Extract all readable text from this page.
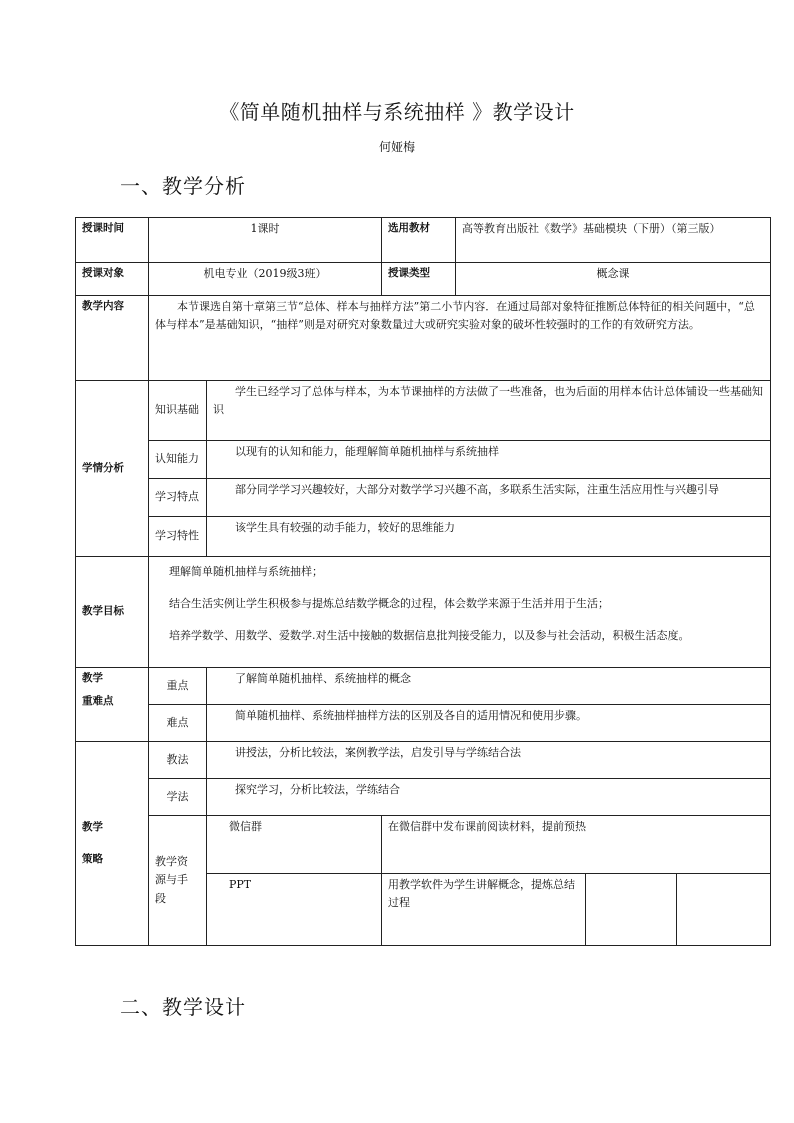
《简单随机抽样与系统抽样 》教学设计
何娅梅
一、教学分析
授课时间	1课时		选用教材	高等教育出版社《数学》基础模块（下册）（第三版）		
授课对象	机电专业（2019级3班）		授课类型	概念课		
教学内容	本节课选自第十章第三节“总体、样本与抽样方法”第二小节内容．在通过局部对象特征推断总体特征的相关问题中，“总体与样本”是基础知识，“抽样”则是对研究对象数量过大或研究实验对象的破坏性较强时的工作的有效研究方法。					
学情分析	知识基础	学生已经学习了总体与样本，为本节课抽样的方法做了一些准备，也为后面的用样本估计总体铺设一些基础知识				
	认知能力	以现有的认知和能力，能理解简单随机抽样与系统抽样				
	学习特点	部分同学学习兴趣较好，大部分对数学学习兴趣不高，多联系生活实际，注重生活应用性与兴趣引导				
	学习特性	该学生具有较强的动手能力，较好的思维能力				
教学目标	理解简单随机抽样与系统抽样；

结合生活实例让学生积极参与提炼总结数学概念的过程，体会数学来源于生活并用于生活；

培养学数学、用数学、爱数学.对生活中接触的数据信息批判接受能力，以及参与社会活动，积极生活态度。					

教学
重难点	重点	了解简单随机抽样、系统抽样的概念				
	难点	简单随机抽样、系统抽样抽样方法的区别及各自的适用情况和使用步骤。				

教学
策略	教法	讲授法，分析比较法，案例教学法，启发引导与学练结合法				
	学法	探究学习，分析比较法，学练结合				

	教学资
源与手
段	微信群	在微信群中发布课前阅读材料，提前预热			
		PPT	用教学软件为学生讲解概念，提炼总结过程			
二、教学设计
